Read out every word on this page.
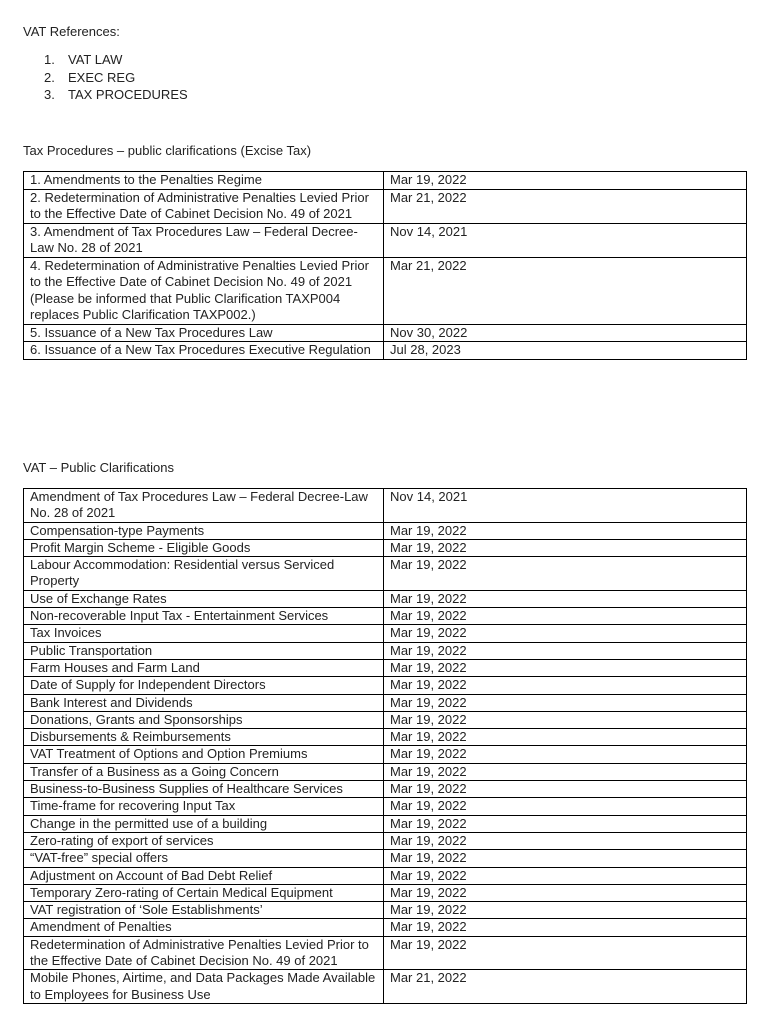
VAT References:

1. VAT LAW
2. EXEC REG
3. TAX PROCEDURES

Tax Procedures – public clarifications (Excise Tax)

1. Amendments to the Penalties Regime	Mar 19, 2022
2. Redetermination of Administrative Penalties Levied Prior to the Effective Date of Cabinet Decision No. 49 of 2021	Mar 21, 2022
3. Amendment of Tax Procedures Law – Federal Decree-Law No. 28 of 2021	Nov 14, 2021
4. Redetermination of Administrative Penalties Levied Prior to the Effective Date of Cabinet Decision No. 49 of 2021 (Please be informed that Public Clarification TAXP004 replaces Public Clarification TAXP002.)	Mar 21, 2022
5. Issuance of a New Tax Procedures Law	Nov 30, 2022
6. Issuance of a New Tax Procedures Executive Regulation	Jul 28, 2023

VAT – Public Clarifications

Amendment of Tax Procedures Law – Federal Decree-Law No. 28 of 2021	Nov 14, 2021
Compensation-type Payments	Mar 19, 2022
Profit Margin Scheme - Eligible Goods	Mar 19, 2022
Labour Accommodation: Residential versus Serviced Property	Mar 19, 2022
Use of Exchange Rates	Mar 19, 2022
Non-recoverable Input Tax - Entertainment Services	Mar 19, 2022
Tax Invoices	Mar 19, 2022
Public Transportation	Mar 19, 2022
Farm Houses and Farm Land	Mar 19, 2022
Date of Supply for Independent Directors	Mar 19, 2022
Bank Interest and Dividends	Mar 19, 2022
Donations, Grants and Sponsorships	Mar 19, 2022
Disbursements & Reimbursements	Mar 19, 2022
VAT Treatment of Options and Option Premiums	Mar 19, 2022
Transfer of a Business as a Going Concern	Mar 19, 2022
Business-to-Business Supplies of Healthcare Services	Mar 19, 2022
Time-frame for recovering Input Tax	Mar 19, 2022
Change in the permitted use of a building	Mar 19, 2022
Zero-rating of export of services	Mar 19, 2022
“VAT-free” special offers	Mar 19, 2022
Adjustment on Account of Bad Debt Relief	Mar 19, 2022
Temporary Zero-rating of Certain Medical Equipment	Mar 19, 2022
VAT registration of ‘Sole Establishments’	Mar 19, 2022
Amendment of Penalties	Mar 19, 2022
Redetermination of Administrative Penalties Levied Prior to the Effective Date of Cabinet Decision No. 49 of 2021	Mar 19, 2022
Mobile Phones, Airtime, and Data Packages Made Available to Employees for Business Use	Mar 21, 2022
